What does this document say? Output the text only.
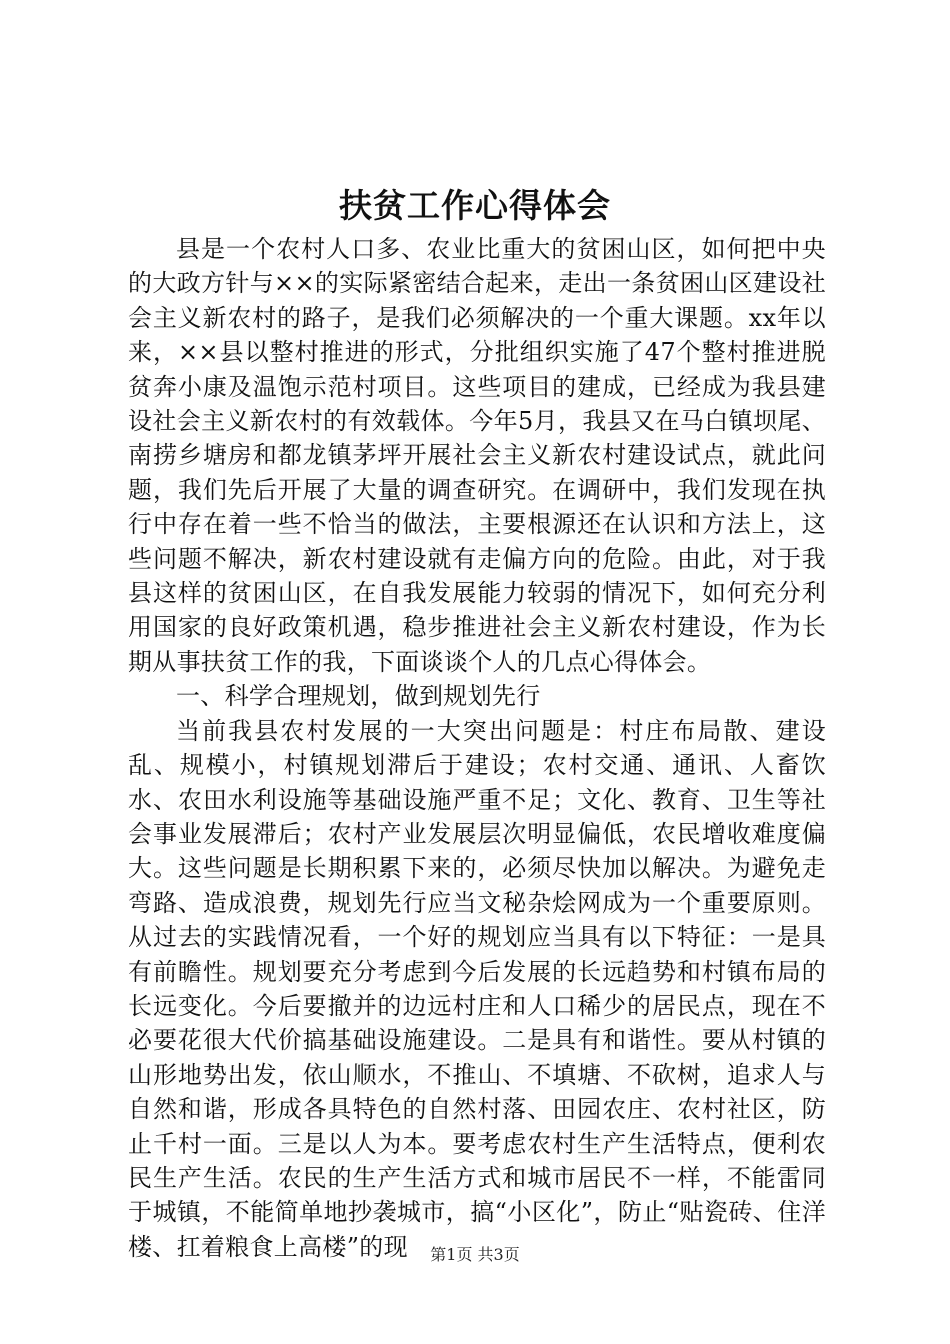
扶贫工作心得体会

县是一个农村人口多、农业比重大的贫困山区，如何把中央的大政方针与××的实际紧密结合起来，走出一条贫困山区建设社会主义新农村的路子，是我们必须解决的一个重大课题。xx年以来，××县以整村推进的形式，分批组织实施了47个整村推进脱贫奔小康及温饱示范村项目。这些项目的建成，已经成为我县建设社会主义新农村的有效载体。今年5月，我县又在马白镇坝尾、南捞乡塘房和都龙镇茅坪开展社会主义新农村建设试点，就此问题，我们先后开展了大量的调查研究。在调研中，我们发现在执行中存在着一些不恰当的做法，主要根源还在认识和方法上，这些问题不解决，新农村建设就有走偏方向的危险。由此，对于我县这样的贫困山区，在自我发展能力较弱的情况下，如何充分利用国家的良好政策机遇，稳步推进社会主义新农村建设，作为长期从事扶贫工作的我，下面谈谈个人的几点心得体会。

一、科学合理规划，做到规划先行

当前我县农村发展的一大突出问题是：村庄布局散、建设乱、规模小，村镇规划滞后于建设；农村交通、通讯、人畜饮水、农田水利设施等基础设施严重不足；文化、教育、卫生等社会事业发展滞后；农村产业发展层次明显偏低，农民增收难度偏大。这些问题是长期积累下来的，必须尽快加以解决。为避免走弯路、造成浪费，规划先行应当文秘杂烩网成为一个重要原则。从过去的实践情况看，一个好的规划应当具有以下特征：一是具有前瞻性。规划要充分考虑到今后发展的长远趋势和村镇布局的长远变化。今后要撤并的边远村庄和人口稀少的居民点，现在不必要花很大代价搞基础设施建设。二是具有和谐性。要从村镇的山形地势出发，依山顺水，不推山、不填塘、不砍树，追求人与自然和谐，形成各具特色的自然村落、田园农庄、农村社区，防止千村一面。三是以人为本。要考虑农村生产生活特点，便利农民生产生活。农民的生产生活方式和城市居民不一样，不能雷同于城镇，不能简单地抄袭城市，搞“小区化”，防止“贴瓷砖、住洋楼、扛着粮食上高楼”的现	第1页 共3页
